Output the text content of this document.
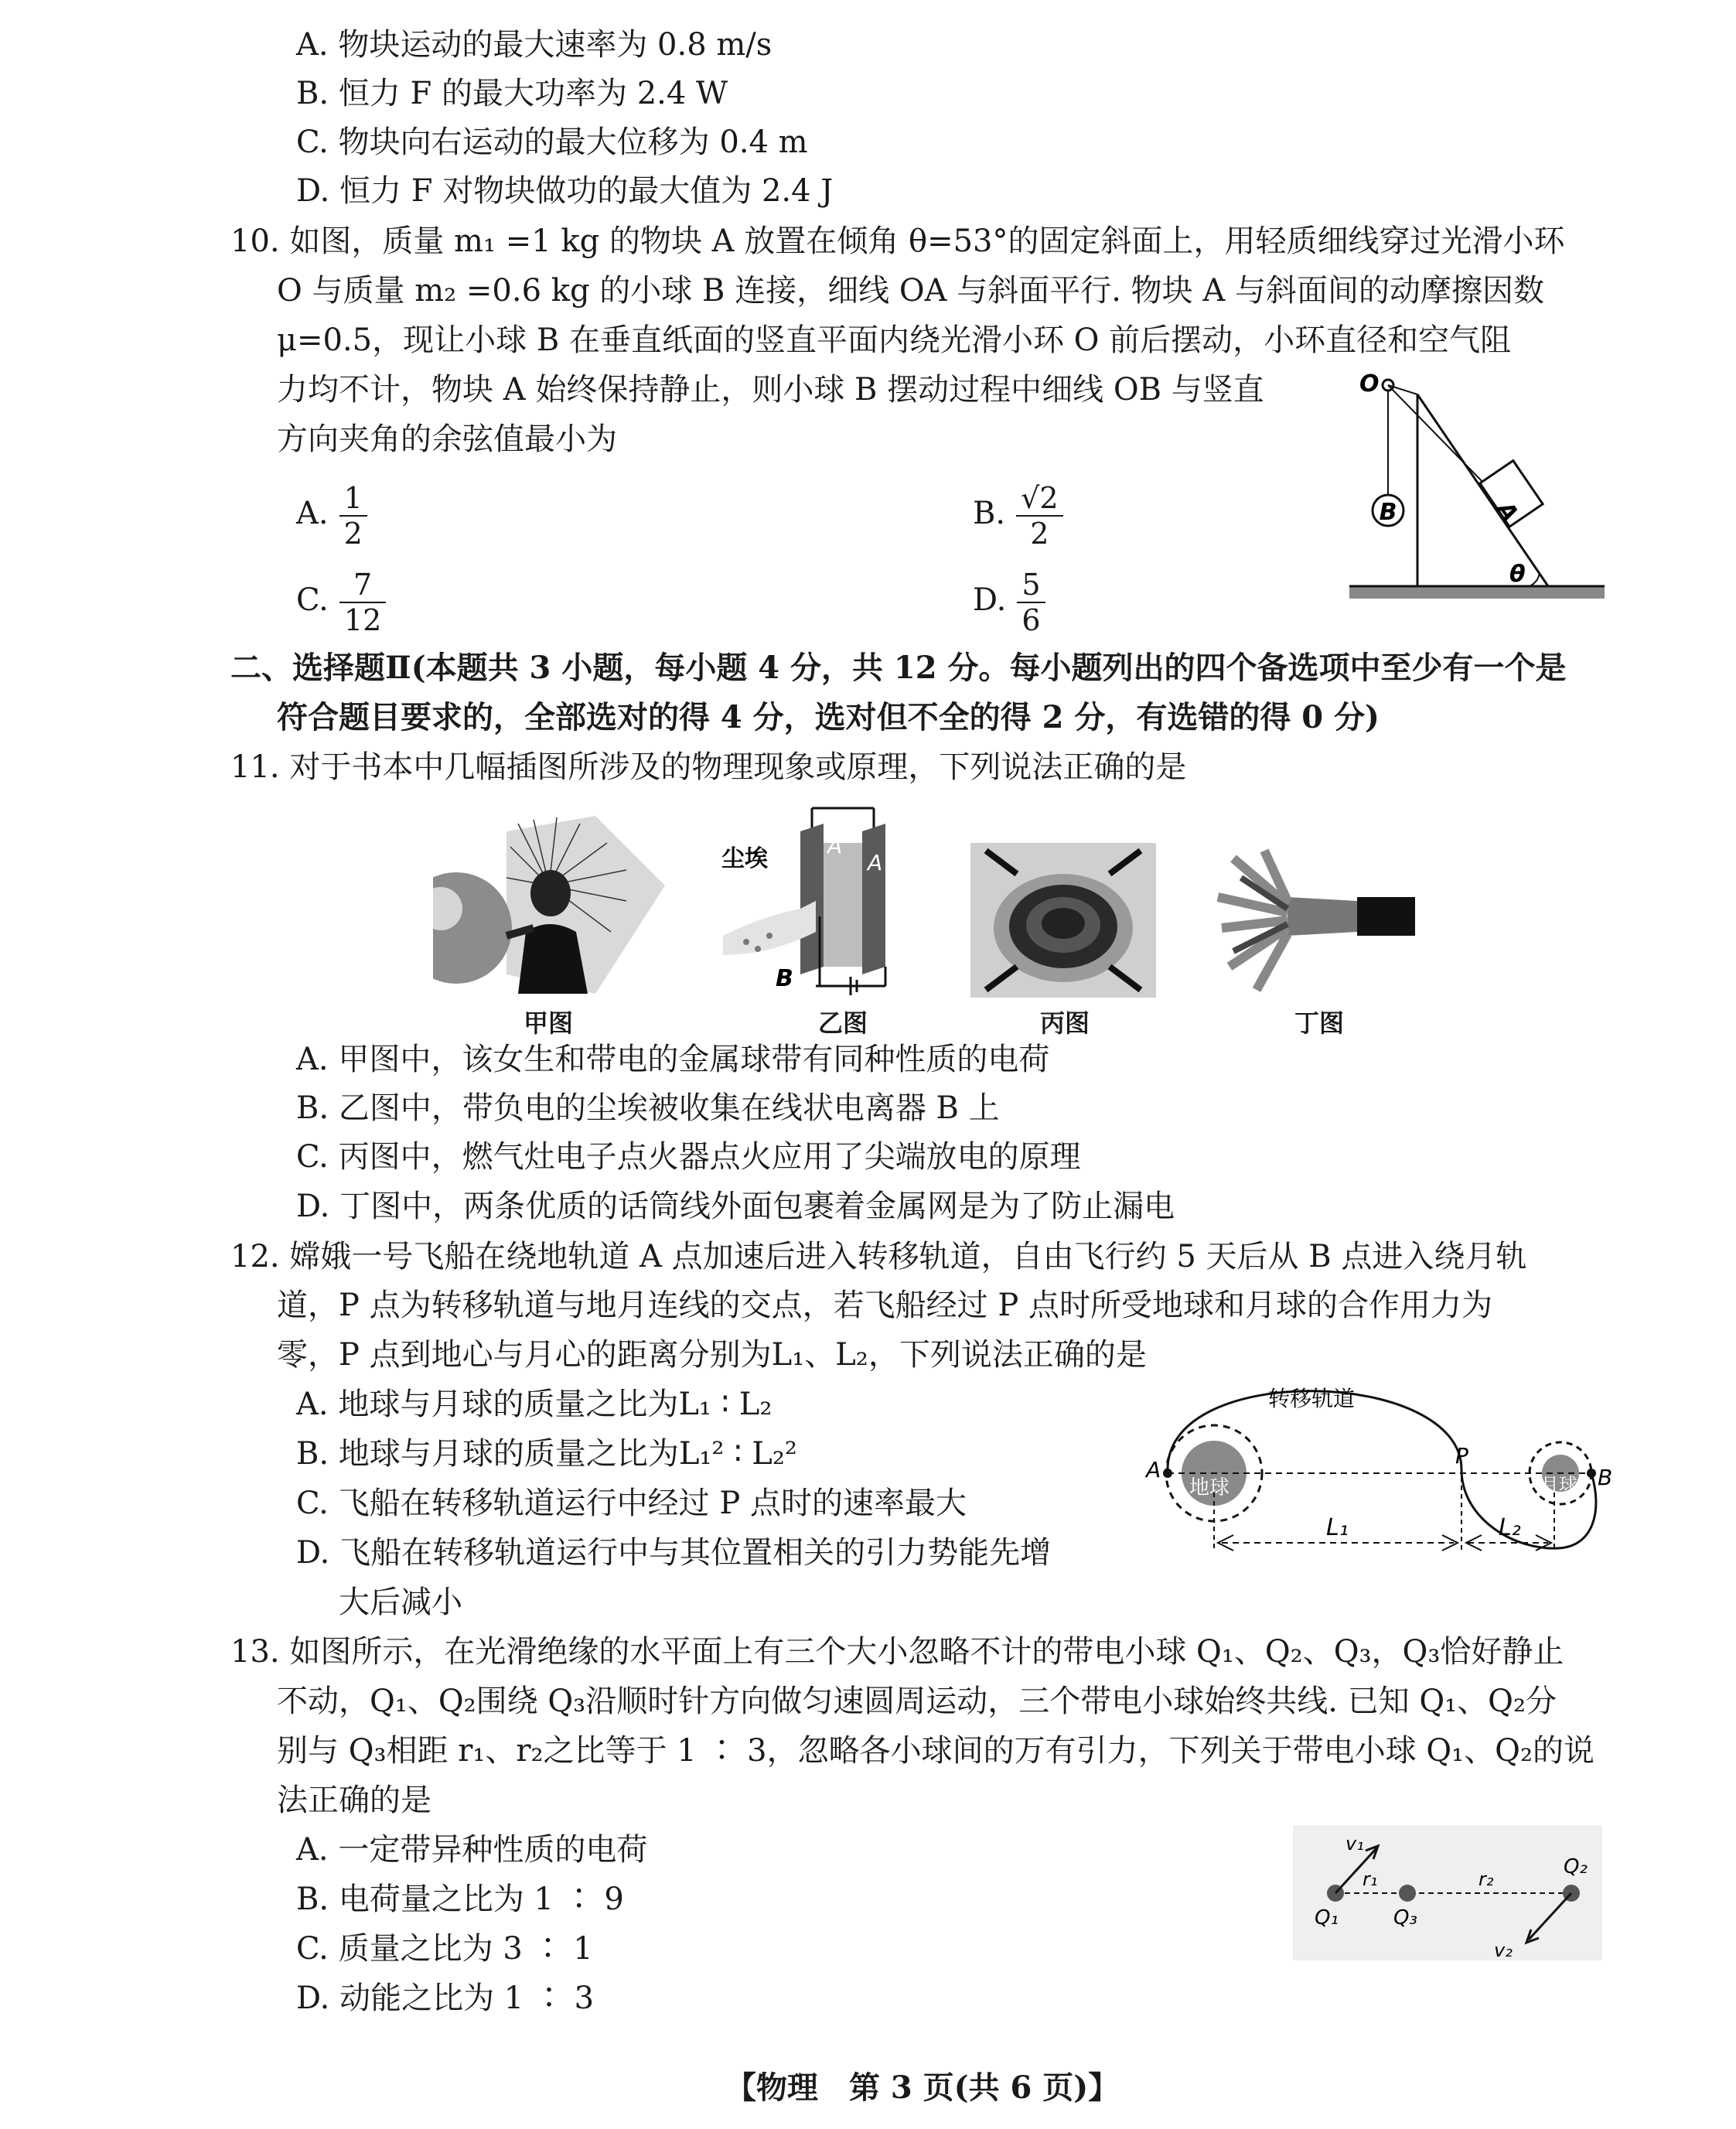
A. 物块运动的最大速率为 0.8 m/s
B. 恒力 F 的最大功率为 2.4 W
C. 物块向右运动的最大位移为 0.4 m
D. 恒力 F 对物块做功的最大值为 2.4 J
10. 如图，质量 m₁ =1 kg 的物块 A 放置在倾角 θ=53°的固定斜面上，用轻质细线穿过光滑小环
O 与质量 m₂ =0.6 kg 的小球 B 连接，细线 OA 与斜面平行. 物块 A 与斜面间的动摩擦因数
μ=0.5，现让小球 B 在垂直纸面的竖直平面内绕光滑小环 O 前后摆动，小环直径和空气阻
力均不计，物块 A 始终保持静止，则小球 B 摆动过程中细线 OB 与竖直
方向夹角的余弦值最小为
A. $\frac{1}{2}$	B. $\frac{√2}{2}$
C. $\frac{7}{12}$	D. $\frac{5}{6}$
O
B	A
θ
二、选择题Ⅱ(本题共 3 小题，每小题 4 分，共 12 分。每小题列出的四个备选项中至少有一个是
符合题目要求的，全部选对的得 4 分，选对但不全的得 2 分，有选错的得 0 分)
11. 对于书本中几幅插图所涉及的物理现象或原理，下列说法正确的是
尘埃	A
A
B
甲图	乙图	丙图	丁图
A. 甲图中，该女生和带电的金属球带有同种性质的电荷
B. 乙图中，带负电的尘埃被收集在线状电离器 B 上
C. 丙图中，燃气灶电子点火器点火应用了尖端放电的原理
D. 丁图中，两条优质的话筒线外面包裹着金属网是为了防止漏电
12. 嫦娥一号飞船在绕地轨道 A 点加速后进入转移轨道，自由飞行约 5 天后从 B 点进入绕月轨
道，P 点为转移轨道与地月连线的交点，若飞船经过 P 点时所受地球和月球的合作用力为
零，P 点到地心与月心的距离分别为L₁、L₂，下列说法正确的是
A. 地球与月球的质量之比为L₁ ∶ L₂
B. 地球与月球的质量之比为L₁² ∶ L₂²
C. 飞船在转移轨道运行中经过 P 点时的速率最大
D. 飞船在转移轨道运行中与其位置相关的引力势能先增
大后减小
转移轨道
地球	月球
A	B
P
L₁	L₂
13. 如图所示，在光滑绝缘的水平面上有三个大小忽略不计的带电小球 Q₁、Q₂、Q₃，Q₃恰好静止
不动，Q₁、Q₂围绕 Q₃沿顺时针方向做匀速圆周运动，三个带电小球始终共线. 已知 Q₁、Q₂分
别与 Q₃相距 r₁、r₂之比等于 1 ∶ 3，忽略各小球间的万有引力，下列关于带电小球 Q₁、Q₂的说
法正确的是
A. 一定带异种性质的电荷
B. 电荷量之比为 1 ∶ 9
C. 质量之比为 3 ∶ 1
D. 动能之比为 1 ∶ 3
v₁
v₂
r₁	r₂
Q₁	Q₃
Q₂
【物理　第 3 页(共 6 页)】
